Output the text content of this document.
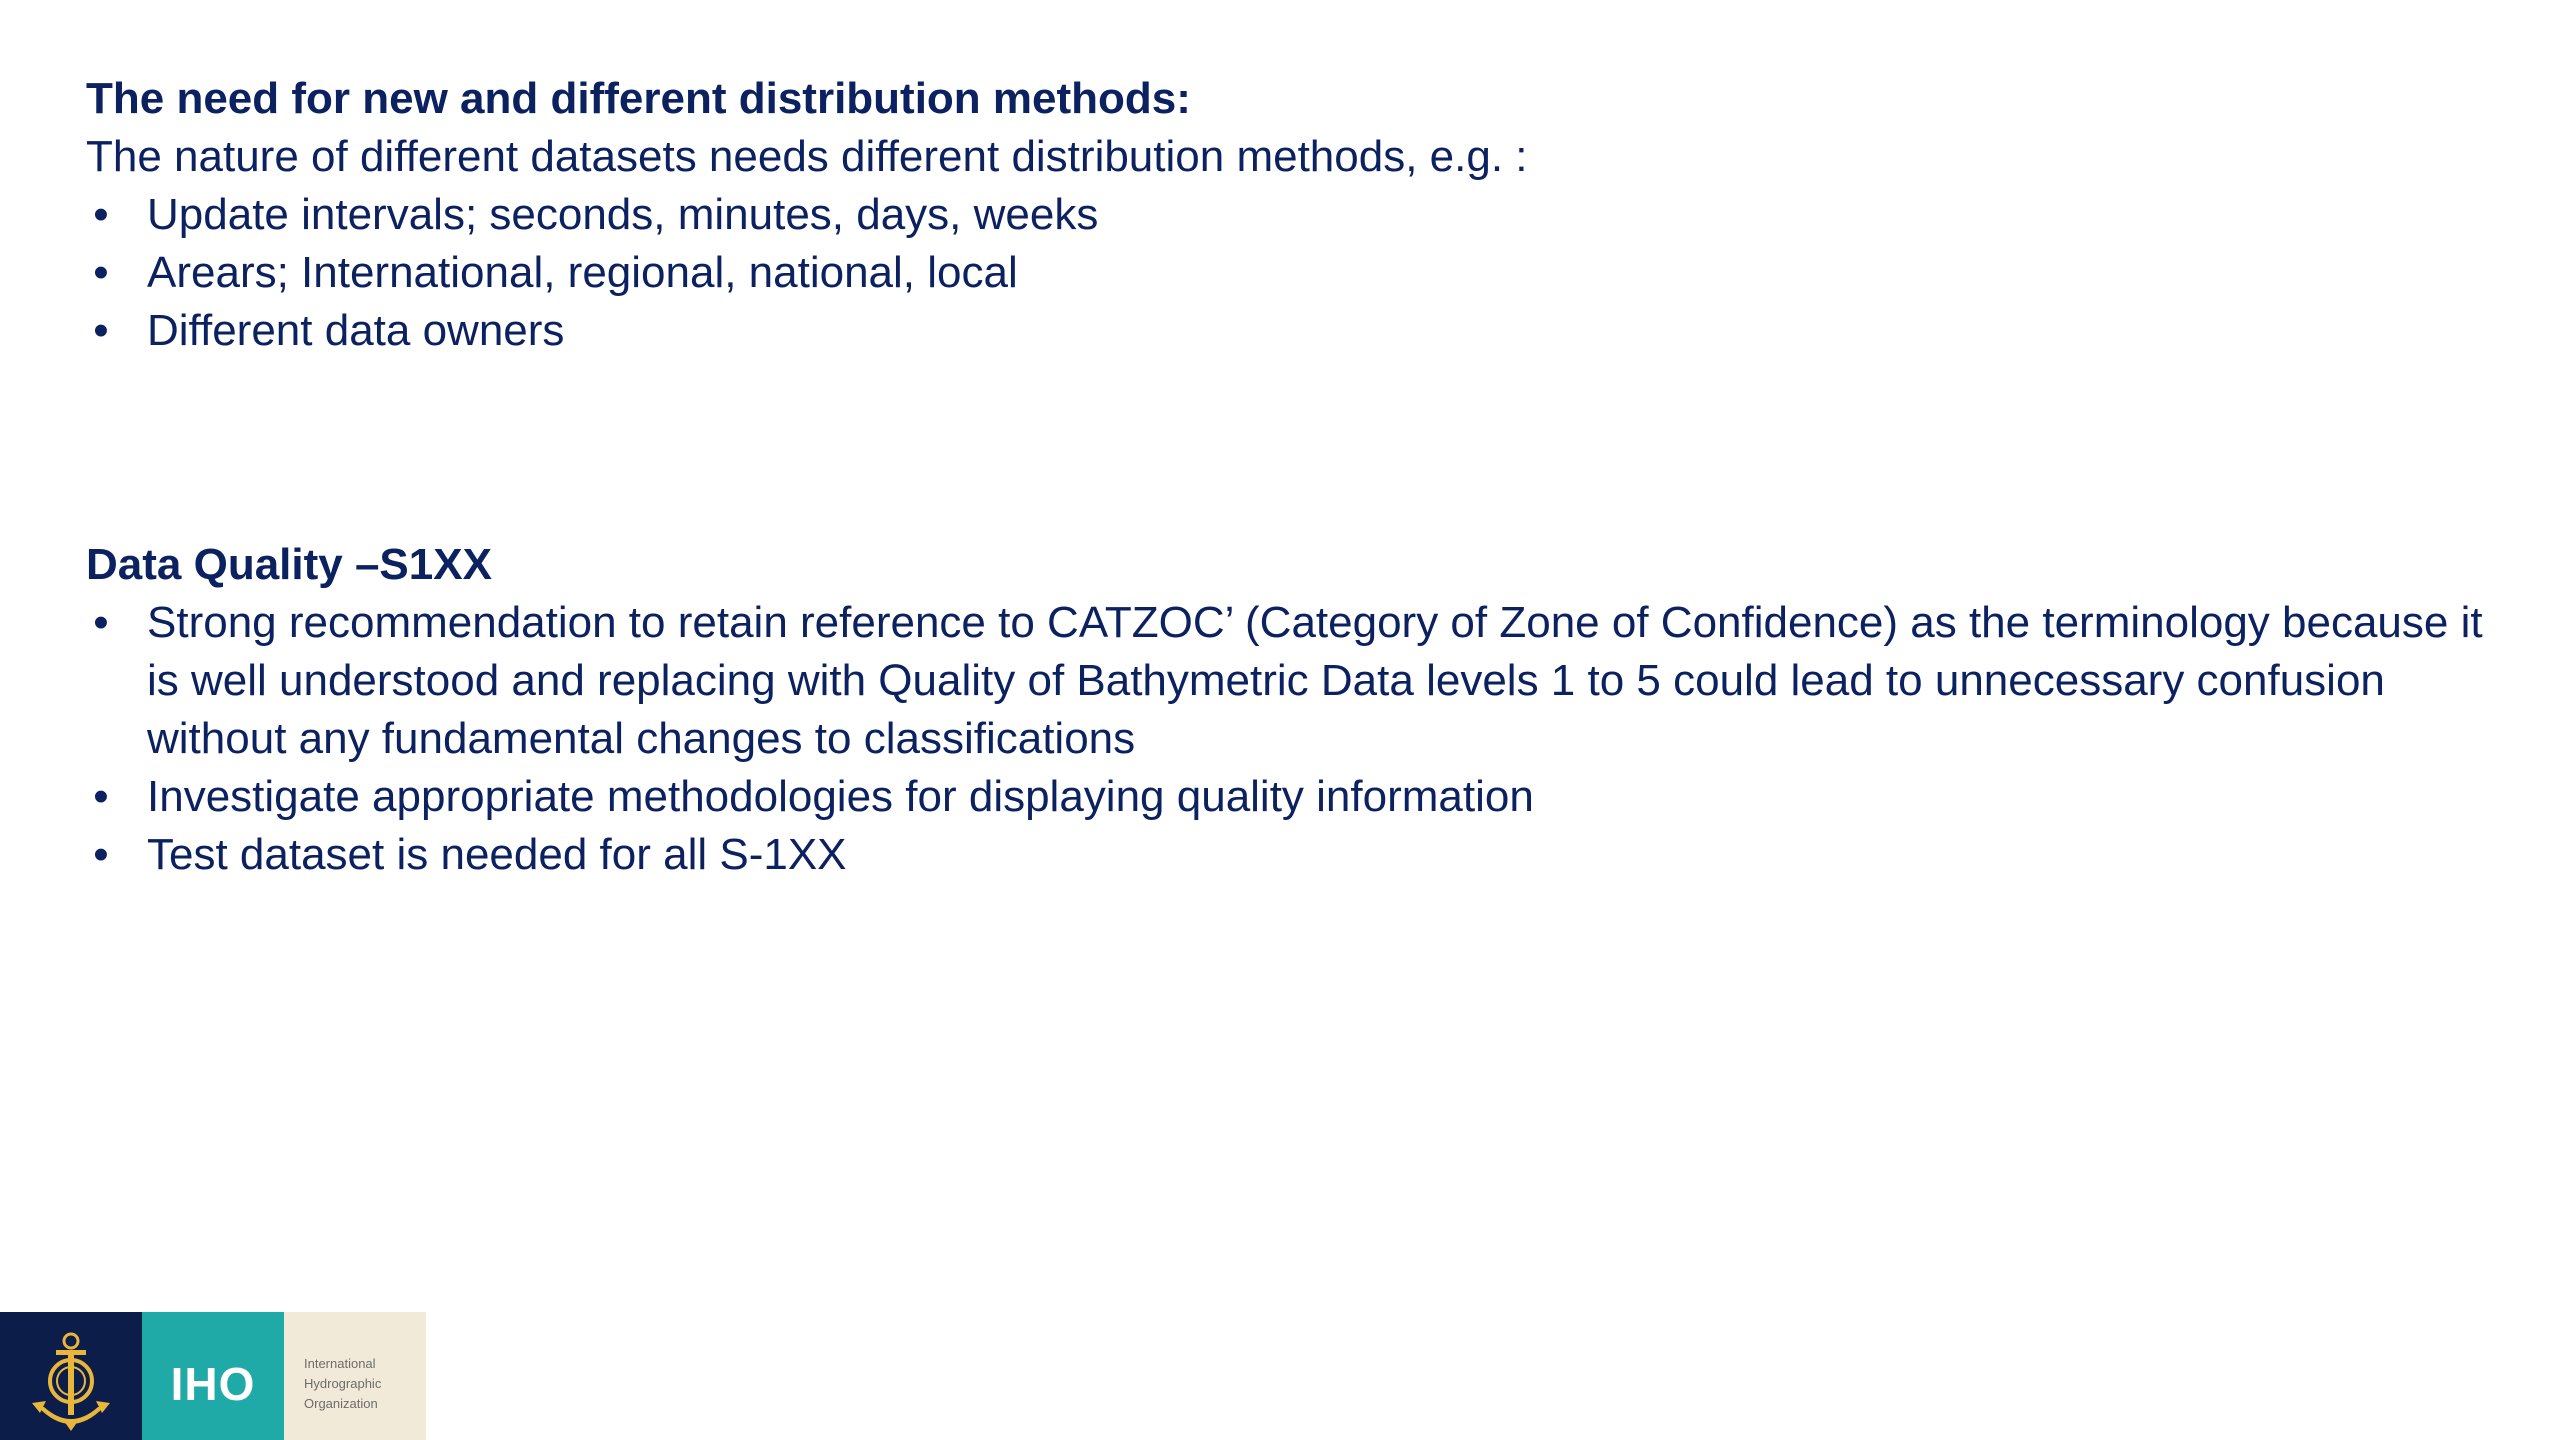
The need for new and different distribution methods:

The nature of different datasets needs different distribution methods, e.g. :

• Update intervals; seconds, minutes, days, weeks
• Arears; International, regional, national, local
• Different data owners

Data Quality –S1XX

• Strong recommendation to retain reference to CATZOC’ (Category of Zone of Confidence) as the terminology because it is well understood and replacing with Quality of Bathymetric Data levels 1 to 5 could lead to unnecessary confusion without any fundamental changes to classifications
• Investigate appropriate methodologies for displaying quality information
• Test dataset is needed for all S-1XX
IHO	International
Hydrographic
Organization
